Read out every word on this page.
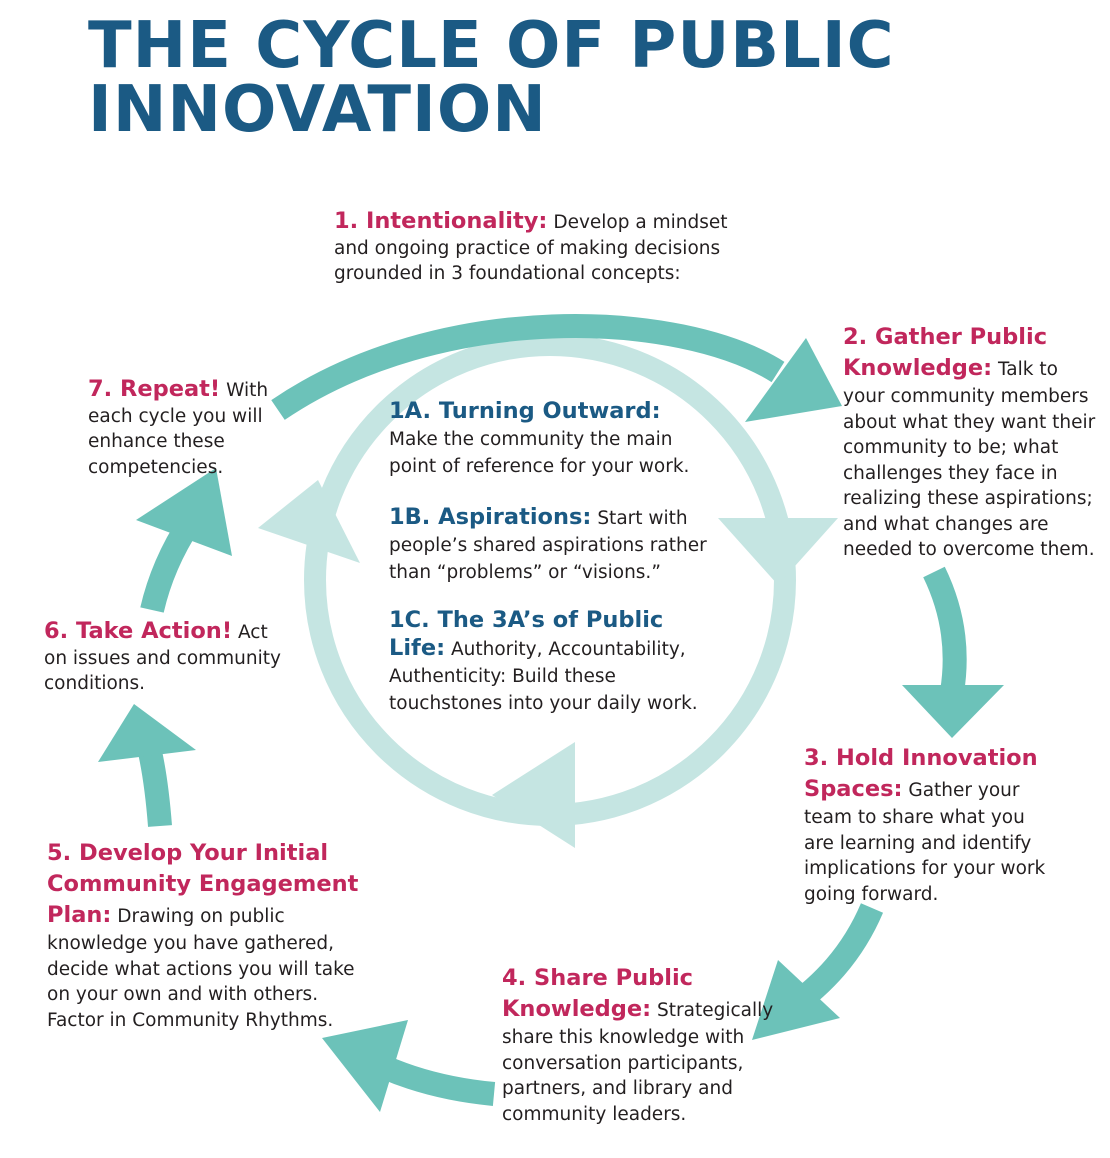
THE CYCLE OF PUBLIC
INNOVATION
1. Intentionality: Develop a mindset and ongoing practice of making decisions grounded in 3 foundational concepts:
2. Gather Public Knowledge: Talk to your community members about what they want their community to be; what challenges they face in realizing these aspirations; and what changes are needed to overcome them.
3. Hold Innovation Spaces: Gather your team to share what you are learning and identify implications for your work going forward.
4. Share Public Knowledge: Strategically share this knowledge with conversation participants, partners, and library and community leaders.
5. Develop Your Initial Community Engagement Plan: Drawing on public knowledge you have gathered, decide what actions you will take on your own and with others. Factor in Community Rhythms.
6. Take Action! Act on issues and community conditions.
7. Repeat! With each cycle you will enhance these competencies.
1A. Turning Outward:
Make the community the main point of reference for your work.
1B. Aspirations: Start with people’s shared aspirations rather than “problems” or “visions.”
1C. The 3A’s of Public Life: Authority, Accountability, Authenticity: Build these touchstones into your daily work.
